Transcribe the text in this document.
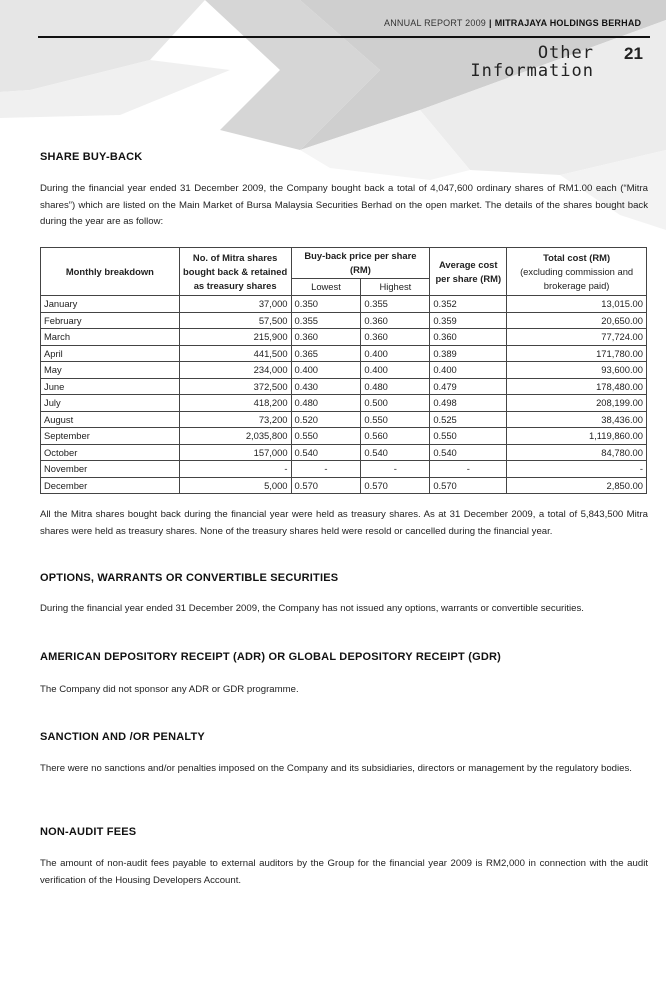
ANNUAL REPORT 2009 | MITRAJAYA HOLDINGS BERHAD
Other
Information
21
SHARE BUY-BACK

During the financial year ended 31 December 2009, the Company bought back a total of 4,047,600 ordinary shares of RM1.00 each (“Mitra shares”) which are listed on the Main Market of Bursa Malaysia Securities Berhad on the open market. The details of the shares bought back during the year are as follow:

Monthly breakdown	No. of Mitra shares bought back & retained as treasury shares	Buy-back price per share (RM)		Average cost per share (RM)	Total cost (RM)
(excluding commission and brokerage paid)

		Lowest	Highest		
January	37,000	0.350	0.355	0.352	13,015.00
February	57,500	0.355	0.360	0.359	20,650.00
March	215,900	0.360	0.360	0.360	77,724.00
April	441,500	0.365	0.400	0.389	171,780.00
May	234,000	0.400	0.400	0.400	93,600.00
June	372,500	0.430	0.480	0.479	178,480.00
July	418,200	0.480	0.500	0.498	208,199.00
August	73,200	0.520	0.550	0.525	38,436.00
September	2,035,800	0.550	0.560	0.550	1,119,860.00
October	157,000	0.540	0.540	0.540	84,780.00
November	-	-	-	-	-
December	5,000	0.570	0.570	0.570	2,850.00

All the Mitra shares bought back during the financial year were held as treasury shares. As at 31 December 2009, a total of 5,843,500 Mitra shares were held as treasury shares. None of the treasury shares held were resold or cancelled during the financial year.

OPTIONS, WARRANTS OR CONVERTIBLE SECURITIES

During the financial year ended 31 December 2009, the Company has not issued any options, warrants or convertible securities.

AMERICAN DEPOSITORY RECEIPT (ADR) OR GLOBAL DEPOSITORY RECEIPT (GDR)

The Company did not sponsor any ADR or GDR programme.

SANCTION AND /OR PENALTY

There were no sanctions and/or penalties imposed on the Company and its subsidiaries, directors or management by the regulatory bodies.

NON-AUDIT FEES

The amount of non-audit fees payable to external auditors by the Group for the financial year 2009 is RM2,000 in connection with the audit verification of the Housing Developers Account.
